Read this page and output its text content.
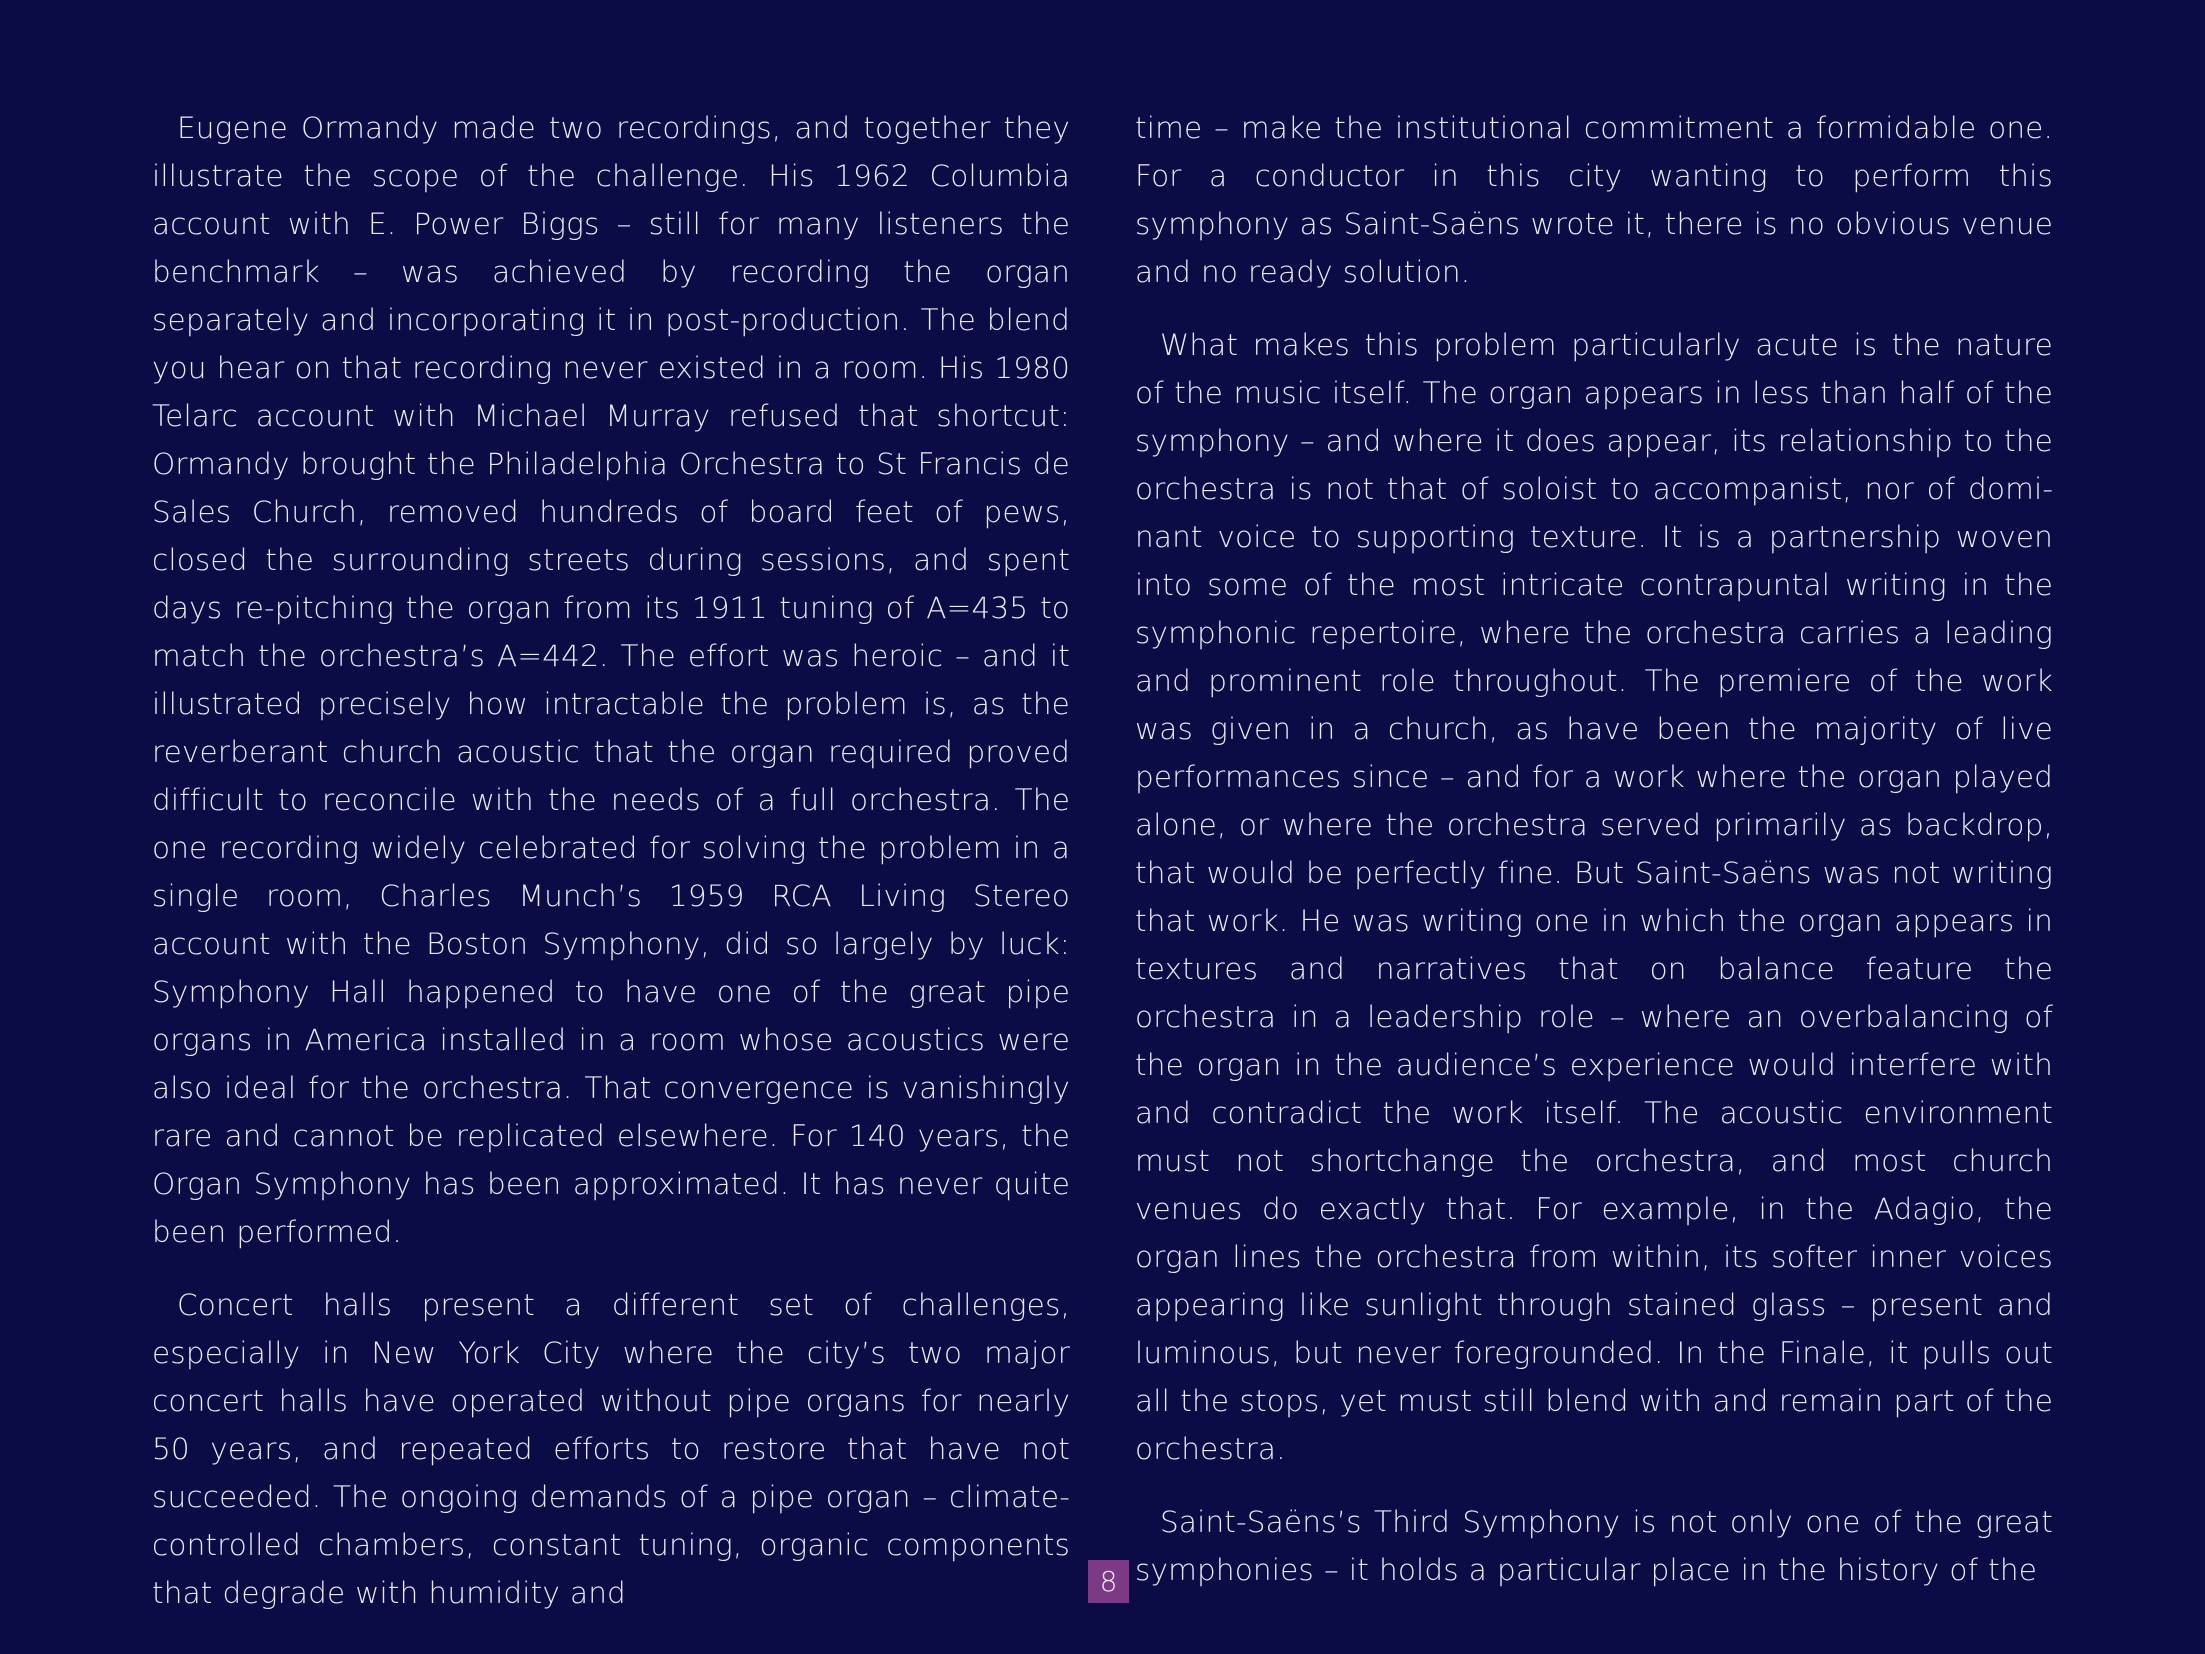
Eugene Ormandy made two recordings, and together they illustrate the scope of the challenge. His 1962 Columbia account with E. Power Biggs – still for many listeners the benchmark – was achieved by recording the organ separately and incorporating it in post-production. The blend you hear on that recording never existed in a room. His 1980 Telarc account with Michael Murray refused that shortcut: Ormandy brought the Philadelphia Orchestra to St Francis de Sales Church, removed hundreds of board feet of pews, closed the surrounding streets during sessions, and spent days re-pitching the organ from its 1911 tuning of A=435 to match the orchestra’s A=442. The effort was heroic – and it illustrated precisely how intractable the problem is, as the reverberant church acoustic that the organ required proved difficult to reconcile with the needs of a full orchestra. The one recording widely celebrated for solving the problem in a single room, Charles Munch’s 1959 RCA Living Stereo account with the Boston Symphony, did so largely by luck: Symphony Hall happened to have one of the great pipe organs in America installed in a room whose acoustics were also ideal for the orchestra. That convergence is vanishingly rare and cannot be replicated elsewhere. For 140 years, the Organ Symphony has been approximated. It has never quite been performed.

Concert halls present a different set of challenges, especially in New York City where the city’s two major concert halls have operated without pipe organs for nearly 50 years, and repeated efforts to restore that have not succeeded. The ongoing demands of a pipe organ – climate-controlled chambers, constant tuning, organic components that degrade with humidity and

time – make the institutional commitment a formidable one. For a conductor in this city wanting to perform this symphony as Saint-Saëns wrote it, there is no obvious venue and no ready solution.

What makes this problem particularly acute is the nature of the music itself. The organ appears in less than half of the symphony – and where it does appear, its relationship to the orchestra is not that of soloist to accompanist, nor of dominant voice to supporting texture. It is a partnership woven into some of the most intricate contrapuntal writing in the symphonic repertoire, where the orchestra carries a leading and prominent role throughout. The premiere of the work was given in a church, as have been the majority of live performances since – and for a work where the organ played alone, or where the orchestra served primarily as backdrop, that would be perfectly fine. But Saint-Saëns was not writing that work. He was writing one in which the organ appears in textures and narratives that on balance feature the orchestra in a leadership role – where an overbalancing of the organ in the audience’s experience would interfere with and contradict the work itself. The acoustic environment must not shortchange the orchestra, and most church venues do exactly that. For example, in the Adagio, the organ lines the orchestra from within, its softer inner voices appearing like sunlight through stained glass – present and luminous, but never foregrounded. In the Finale, it pulls out all the stops, yet must still blend with and remain part of the orchestra.

Saint-Saëns’s Third Symphony is not only one of the great symphonies – it holds a particular place in the history of the

8
